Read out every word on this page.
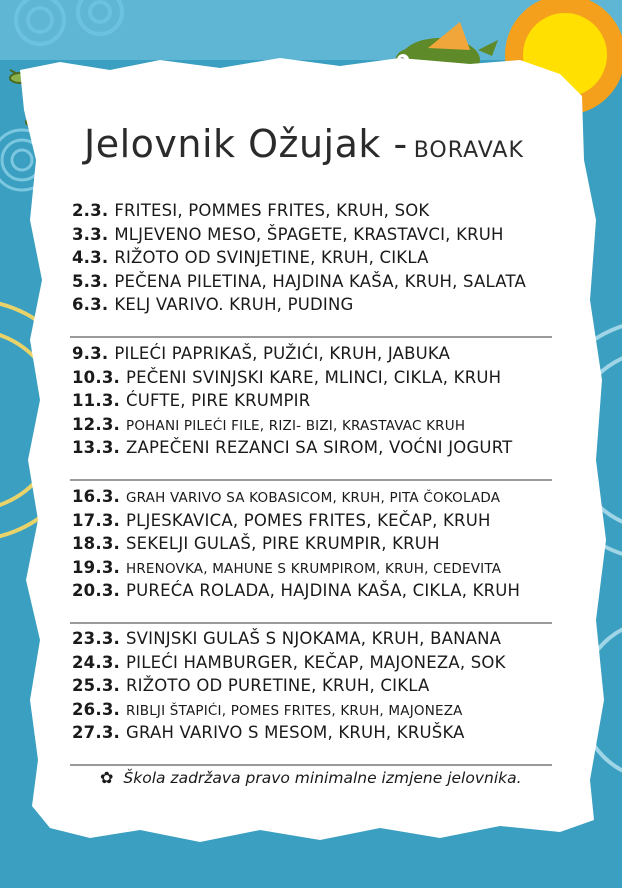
Jelovnik Ožujak - BORAVAK
2.3. FRITESI, POMMES FRITES, KRUH, SOK
3.3. MLJEVENO MESO, ŠPAGETE, KRASTAVCI, KRUH
4.3. RIŽOTO OD SVINJETINE, KRUH, CIKLA
5.3. PEČENA PILETINA, HAJDINA KAŠA, KRUH, SALATA
6.3. KELJ VARIVO. KRUH, PUDING
9.3. PILEĆI PAPRIKAŠ, PUŽIĆI, KRUH, JABUKA
10.3. PEČENI SVINJSKI KARE, MLINCI, CIKLA, KRUH
11.3. ĆUFTE, PIRE KRUMPIR
12.3. POHANI PILEĆI FILE, RIZI- BIZI, KRASTAVAC KRUH
13.3. ZAPEČENI REZANCI SA SIROM, VOĆNI JOGURT
16.3. GRAH VARIVO SA KOBASICOM, KRUH, PITA ČOKOLADA
17.3. PLJESKAVICA, POMES FRITES, KEČAP, KRUH
18.3. SEKELJI GULAŠ, PIRE KRUMPIR, KRUH
19.3. HRENOVKA, MAHUNE S KRUMPIROM, KRUH, CEDEVITA
20.3. PUREĆA ROLADA, HAJDINA KAŠA, CIKLA, KRUH
23.3. SVINJSKI GULAŠ S NJOKAMA, KRUH, BANANA
24.3. PILEĆI HAMBURGER, KEČAP, MAJONEZA, SOK
25.3. RIŽOTO OD PURETINE, KRUH, CIKLA
26.3. RIBLJI ŠTAPIĆI, POMES FRITES, KRUH, MAJONEZA
27.3. GRAH VARIVO S MESOM, KRUH, KRUŠKA
✿ Škola zadržava pravo minimalne izmjene jelovnika.
